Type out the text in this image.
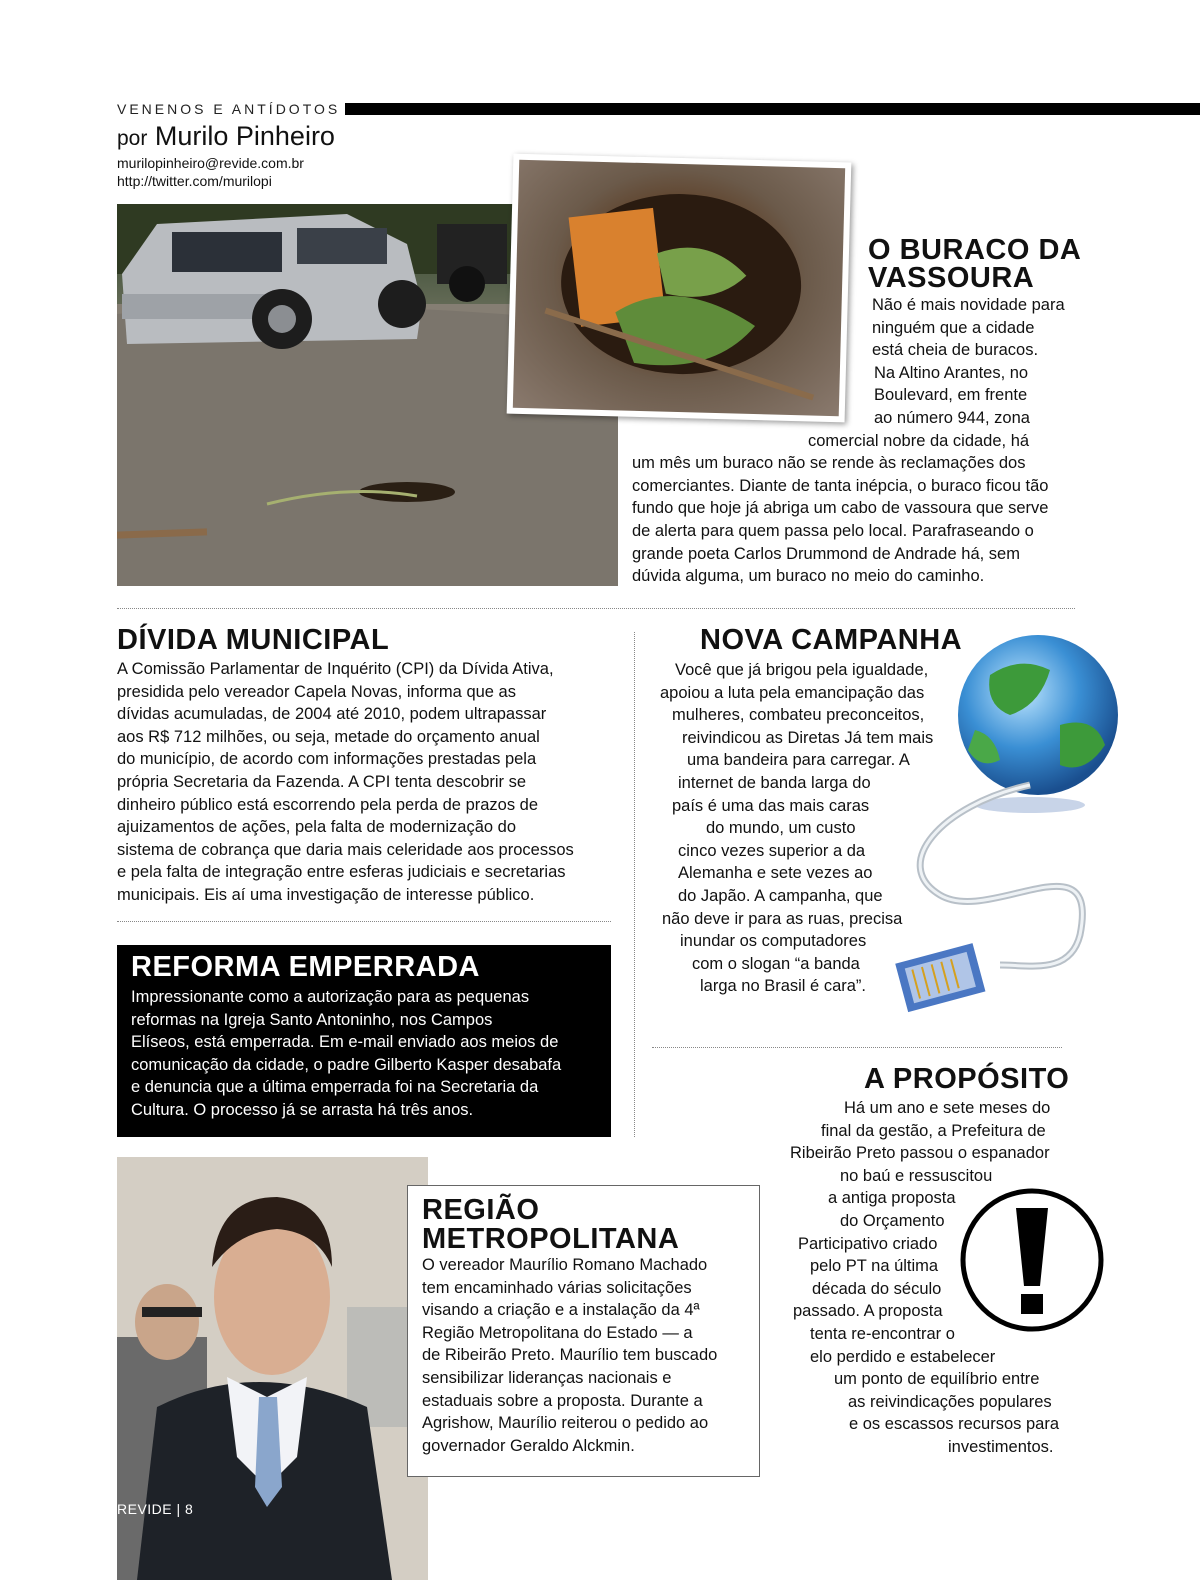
VENENOS E ANTÍDOTOS
por Murilo Pinheiro
murilopinheiro@revide.com.br
http://twitter.com/murilopi
O BURACO DA
VASSOURA
Não é mais novidade para
ninguém que a cidade
está cheia de buracos.
Na Altino Arantes, no
Boulevard, em frente
ao número 944, zona
comercial nobre da cidade, há
um mês um buraco não se rende às reclamações dos
comerciantes. Diante de tanta inépcia, o buraco ficou tão
fundo que hoje já abriga um cabo de vassoura que serve
de alerta para quem passa pelo local. Parafraseando o
grande poeta Carlos Drummond de Andrade há, sem
dúvida alguma, um buraco no meio do caminho.
DÍVIDA MUNICIPAL
A Comissão Parlamentar de Inquérito (CPI) da Dívida Ativa,
presidida pelo vereador Capela Novas, informa que as
dívidas acumuladas, de 2004 até 2010, podem ultrapassar
aos R$ 712 milhões, ou seja, metade do orçamento anual
do município, de acordo com informações prestadas pela
própria Secretaria da Fazenda. A CPI tenta descobrir se
dinheiro público está escorrendo pela perda de prazos de
ajuizamentos de ações, pela falta de modernização do
sistema de cobrança que daria mais celeridade aos processos
e pela falta de integração entre esferas judiciais e secretarias
municipais. Eis aí uma investigação de interesse público.
NOVA CAMPANHA
Você que já brigou pela igualdade,
apoiou a luta pela emancipação das
mulheres, combateu preconceitos,
reivindicou as Diretas Já tem mais
uma bandeira para carregar. A
internet de banda larga do
país é uma das mais caras
do mundo, um custo
cinco vezes superior a da
Alemanha e sete vezes ao
do Japão. A campanha, que
não deve ir para as ruas, precisa
inundar os computadores
com o slogan “a banda
larga no Brasil é cara”.
REFORMA EMPERRADA
Impressionante como a autorização para as pequenas
reformas na Igreja Santo Antoninho, nos Campos
Elíseos, está emperrada. Em e-mail enviado aos meios de
comunicação da cidade, o padre Gilberto Kasper desabafa
e denuncia que a última emperrada foi na Secretaria da
Cultura. O processo já se arrasta há três anos.
A PROPÓSITO
Há um ano e sete meses do
final da gestão, a Prefeitura de
Ribeirão Preto passou o espanador
no baú e ressuscitou
a antiga proposta
do Orçamento
Participativo criado
pelo PT na última
década do século
passado. A proposta
tenta re-encontrar o
elo perdido e estabelecer
um ponto de equilíbrio entre
as reivindicações populares
e os escassos recursos para
investimentos.
REGIÃO
METROPOLITANA
O vereador Maurílio Romano Machado
tem encaminhado várias solicitações
visando a criação e a instalação da 4ª
Região Metropolitana do Estado — a
de Ribeirão Preto. Maurílio tem buscado
sensibilizar lideranças nacionais e
estaduais sobre a proposta. Durante a
Agrishow, Maurílio reiterou o pedido ao
governador Geraldo Alckmin.
REVIDE | 8
